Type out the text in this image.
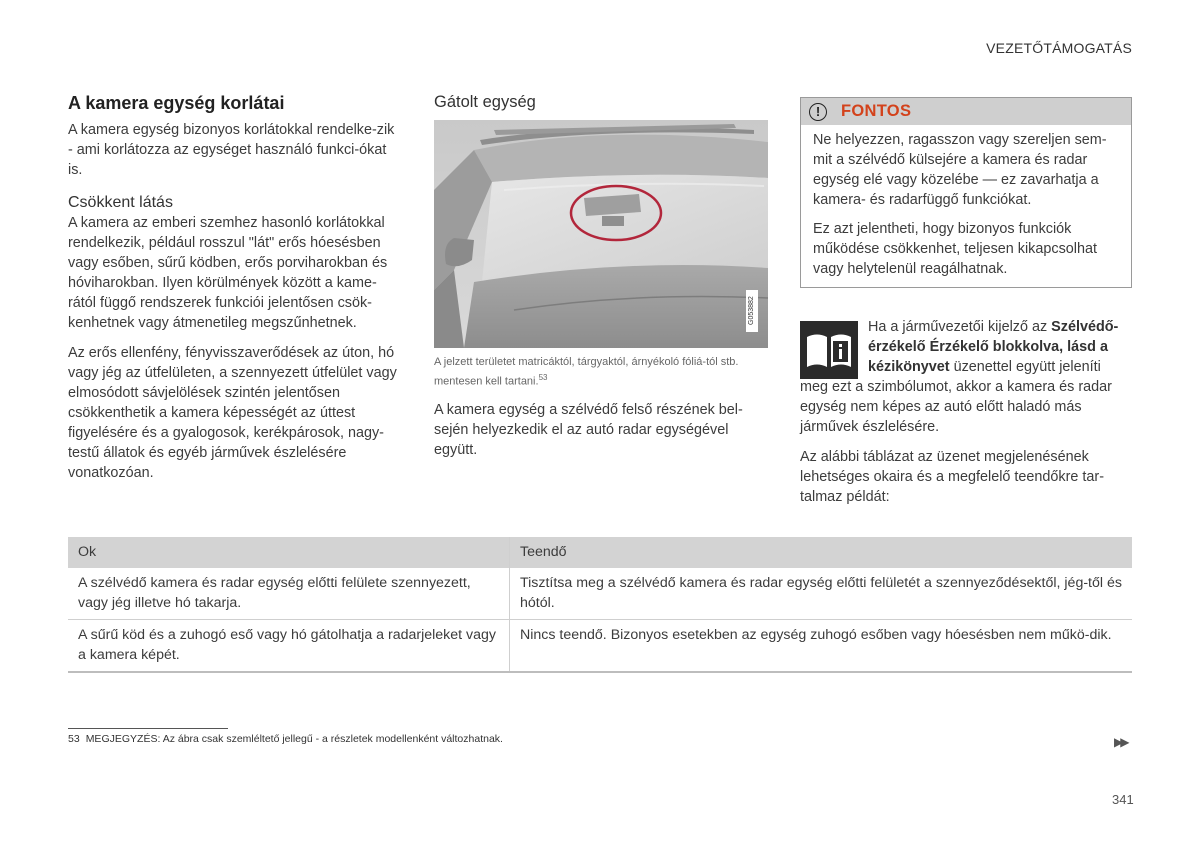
VEZETŐTÁMOGATÁS
A kamera egység korlátai

A kamera egység bizonyos korlátokkal rendelke-zik - ami korlátozza az egységet használó funkci-ókat is.

Csökkent látás

A kamera az emberi szemhez hasonló korlátokkal rendelkezik, például rosszul "lát" erős hóesésben vagy esőben, sűrű ködben, erős porviharokban és hóviharokban. Ilyen körülmények között a kame-rától függő rendszerek funkciói jelentősen csök-kenhetnek vagy átmenetileg megszűnhetnek.

Az erős ellenfény, fényvisszaverődések az úton, hó vagy jég az útfelületen, a szennyezett útfelület vagy elmosódott sávjelölések szintén jelentősen csökkenthetik a kamera képességét az úttest figyelésére és a gyalogosok, kerékpárosok, nagy-testű állatok és egyéb járművek észlelésére vonatkozóan.

Gátolt egység
G053882
A jelzett területet matricáktól, tárgyaktól, árnyékoló fóliá-tól stb. mentesen kell tartani.$^{53}$

A kamera egység a szélvédő felső részének bel-sején helyezkedik el az autó radar egységével együtt.

!	FONTOS

Ne helyezzen, ragasszon vagy szereljen sem-mit a szélvédő külsejére a kamera és radar egység elé vagy közelébe — ez zavarhatja a kamera- és radarfüggő funkciókat.

Ez azt jelentheti, hogy bizonyos funkciók működése csökkenhet, teljesen kikapcsolhat vagy helytelenül reagálhatnak.

Ha a járművezetői kijelző az Szélvédő-érzékelő Érzékelő blokkolva, lásd a kézikönyvet üzenettel együtt jeleníti meg ezt a szimbólumot, akkor a kamera és radar egység nem képes az autó előtt haladó más járművek észlelésére.

Az alábbi táblázat az üzenet megjelenésének lehetséges okaira és a megfelelő teendőkre tar-talmaz példát:

Ok	Teendő
A szélvédő kamera és radar egység előtti felülete szennyezett, vagy jég illetve hó takarja.	Tisztítsa meg a szélvédő kamera és radar egység előtti felületét a szennyeződésektől, jég-től és hótól.
A sűrű köd és a zuhogó eső vagy hó gátolhatja a radarjeleket vagy a kamera képét.	Nincs teendő. Bizonyos esetekben az egység zuhogó esőben vagy hóesésben nem műkö-dik.
53 MEGJEGYZÉS: Az ábra csak szemléltető jellegű - a részletek modellenként változhatnak.	▶▶
341
